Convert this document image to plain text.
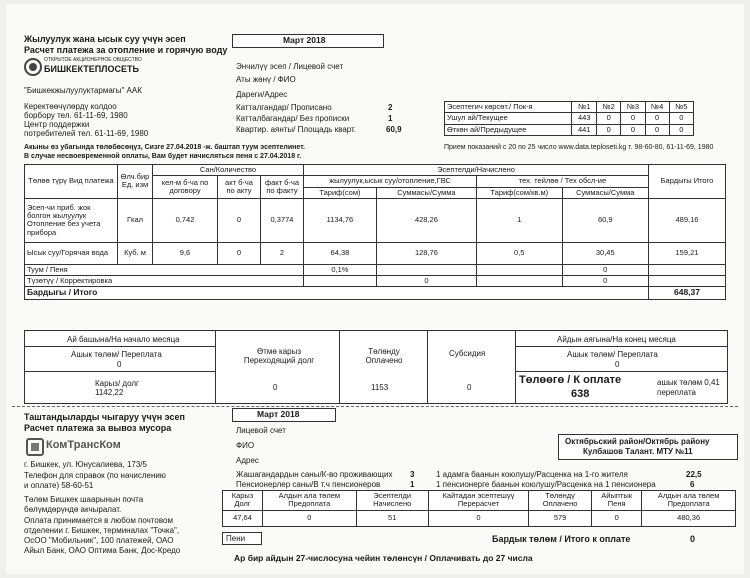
Жылуулук жана ысык суу үчүн эсеп
Расчет платежа за отопление и горячую воду
ОТКРЫТОЕ АКЦИОНЕРНОЕ ОБЩЕСТВО
БИШКЕКТЕПЛОСЕТЬ
"Бишкекжылуулуктармагы" ААК
Керектөөчүлөрдү колдоо
борбору тел. 61-11-69, 1980
Центр поддержки
потребителей тел. 61-11-69, 1980
Март 2018
Энчилүү эсеп / Лицевой счет
Аты жөнү / ФИО
Дареги/Адрес
Катталгандар/ Прописано	2
Катталбагандар/ Без прописки	1
Квартир. аянты/ Площадь кварт.	60,9
Эсептегич көрсөт./ Пок-я	№1	№2	№3	№4	№5
Ушул ай/Текущее	443	0	0	0	0
Өткөн ай/Предыдущее	441	0	0	0	0
Акыны өз убагында төлөбөсөңүз, Сизге 27.04.2018 -ж. баштап туум эсептелинет.
В случае несвоевременной оплаты, Вам будет начисляться пеня с 27.04.2018 г.
Прием показаний с 20 по 25 число www.data.teploseti.kg т. 98-60-80, 61-11-69, 1980
Төлөө түрү Вид платежа	Өлч.бир Ед. изм	Сан/Количество			Эсептелди/Начислено				Бардыгы Итого
		кел-м б-ча по договору	акт б-ча по акту	факт б-ча по факту	жылуулук,ысык суу/отопление,ГВС		тех. тейлөө / Тех обсл-ие		
					Тариф(сом)	Суммасы/Сумма	Тариф(сом/кв.м)	Суммасы/Сумма	
Эсеп-чи приб. жок болгон жылуулук Отопление без учета прибора	Гкал	0,742	0	0,3774	1134,76	428,26	1	60,9	489,16
Ысык суу/Горячая вода	Куб. м	9,6	0	2	64,38	128,76	0,5	30,45	159,21
Туум / Пеня					0,1%			0	
Түзөтүү / Корректировка						0		0	
Бардыгы / Итого									648,37
Ай башына/На начало месяца
Ашык төлөм/ Переплата
0
Карыз/ долг
1142,22
Өтмө карыз Переходящий долг
0
Төлөнду Оплачено
1153
Субсидия
0
Айдын аягына/На конец месяца
Ашык төлөм/ Переплата
0
Төлөөгө / К оплате
638
ашык төлөм 0,41
переплата
Таштандыларды чыгаруу үчүн эсеп
Расчет платежа за вывоз мусора
КомТрансКом
г. Бишкек, ул. Юнусалиева, 173/5
Телефон для справок (по начислению
и оплате) 58-60-51
Төлөм Бишкек шаарынын почта
бөлүмдөрүндө акчыралат.
Оплата принимается в любом почтовом
отделении г. Бишкек, терминалах "Точка",
ОсОО "Мобильник", 100 платежей, ОАО
Айыл Банк, ОАО Оптима Банк, Дос-Кредо
Март 2018
Лицевой счет
ФИО
Адрес
Жашагандардын саны/К-во проживающих 3
Пенсионерлер саны/В т.ч пенсионеров	1
1 адамга баанын коюлушу/Расценка на 1-го жителя	22,5
1 пенсионерге баанын коюлушу/Расценка на 1 пенсионера	6
Октябрьский район/Октябрь району
Кулбашов Талант. МТУ №11
Карыз Долг	Алдын ала төлем Предоплата	Эсептелди Начислено	Кайтадан эсептешүү Перерасчет	Төлөндү Оплачено	Айыптык Пеня	Алдын ала төлем Предоплата
47,64	0	51	0	579	0	480,36
Пени	Бардык төлөм / Итого к оплате	0
Ар бир айдын 27-числосуна чейин төлөнсүн / Оплачивать до 27 числа
